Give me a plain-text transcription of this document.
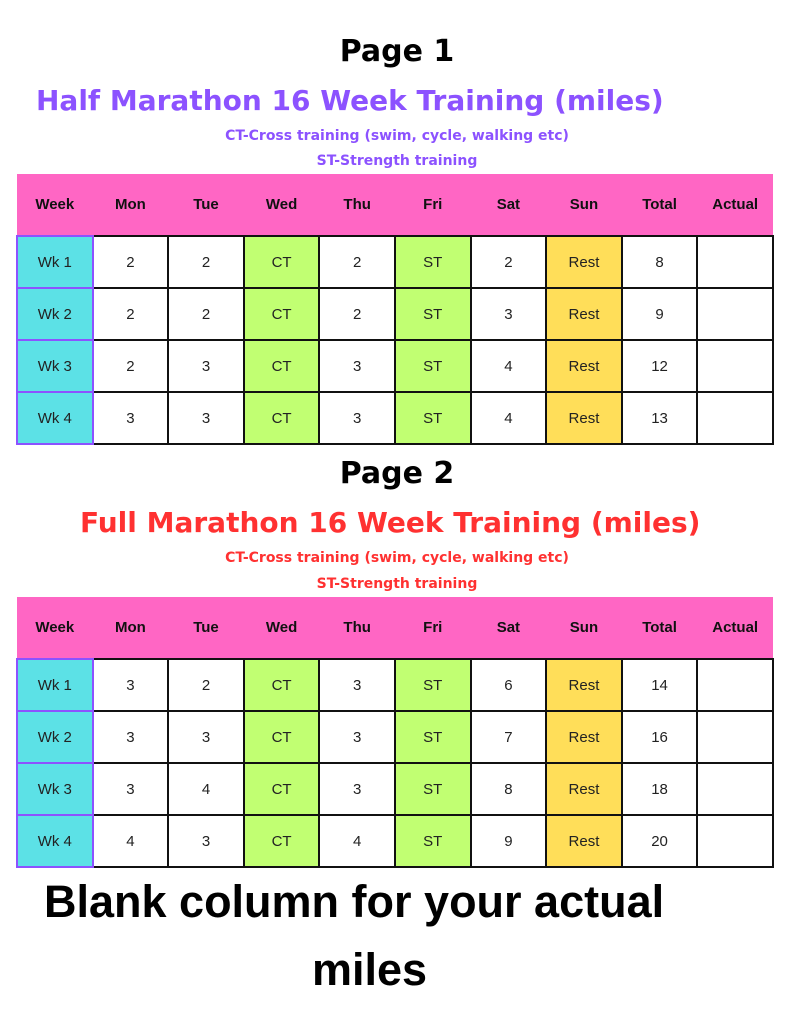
Page 1
Half Marathon 16 Week Training (miles)
CT-Cross training (swim, cycle, walking etc)
ST-Strength training
Week	Mon	Tue	Wed	Thu	Fri	Sat	Sun	Total	Actual
Wk 1	2	2	CT	2	ST	2	Rest	8	
Wk 2	2	2	CT	2	ST	3	Rest	9	
Wk 3	2	3	CT	3	ST	4	Rest	12	
Wk 4	3	3	CT	3	ST	4	Rest	13	
Page 2
Full Marathon 16 Week Training (miles)
CT-Cross training (swim, cycle, walking etc)
ST-Strength training
Week	Mon	Tue	Wed	Thu	Fri	Sat	Sun	Total	Actual
Wk 1	3	2	CT	3	ST	6	Rest	14	
Wk 2	3	3	CT	3	ST	7	Rest	16	
Wk 3	3	4	CT	3	ST	8	Rest	18	
Wk 4	4	3	CT	4	ST	9	Rest	20	
Blank column for your actual
miles
